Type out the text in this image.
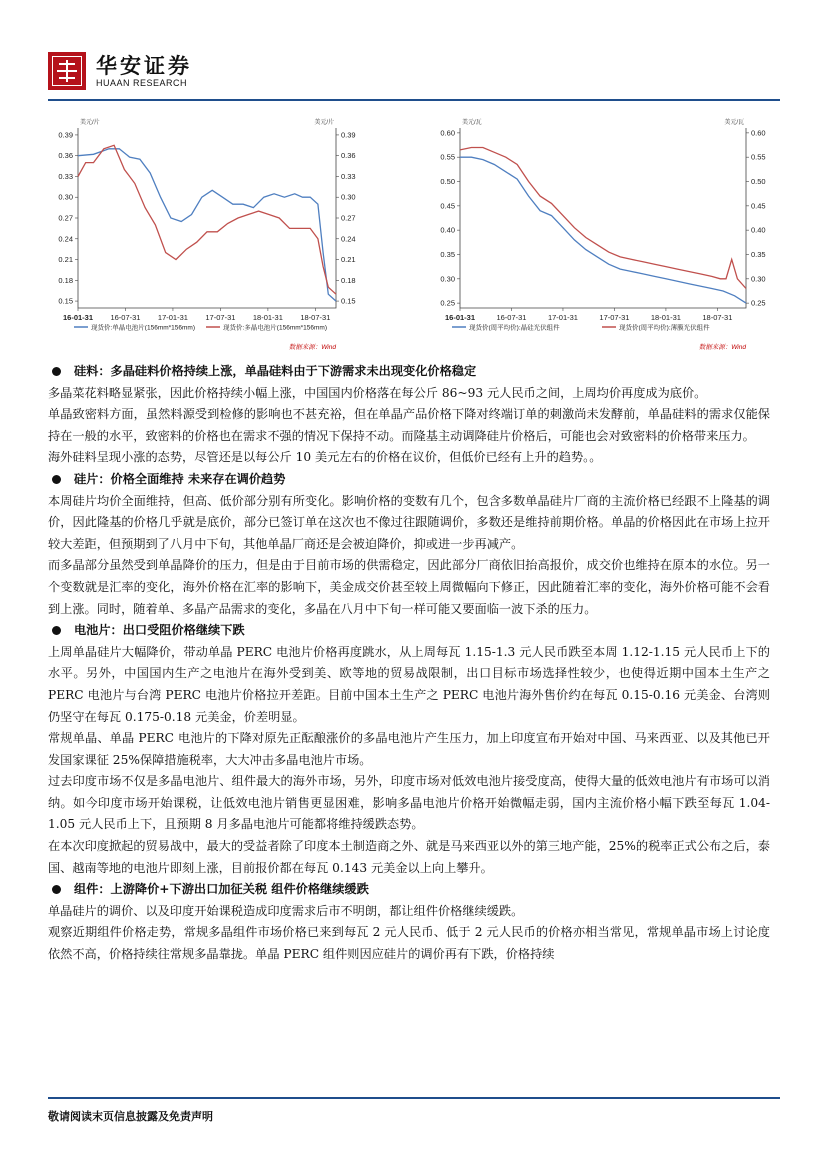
华安证券
HUAAN RESEARCH
美元/片	美元/片
0.39	0.39
0.36	0.36
0.33	0.33
0.30	0.30
0.27	0.27
0.24	0.24
0.21	0.21
0.18	0.18
0.15	0.15
16-01-31 16-07-31 17-01-31 17-07-31 18-01-31 18-07-31
现货价:单晶电池片(156mm*156mm)	现货价:多晶电池片(156mm*156mm)
数据来源：Wind
美元/瓦	美元/瓦
0.60	0.60
0.55	0.55
0.50	0.50
0.45	0.45
0.40	0.40
0.35	0.35
0.30	0.30
0.25	0.25
16-01-31	16-07-31	17-01-31	17-07-31	18-01-31	18-07-31
现货价(周平均价):晶硅光伏组件	现货价(周平均价):薄膜光伏组件
数据来源：Wind

硅料：多晶硅料价格持续上涨，单晶硅料由于下游需求未出现变化价格稳定

多晶菜花料略显紧张，因此价格持续小幅上涨，中国国内价格落在每公斤 86~93 元人民币之间，上周均价再度成为底价。

单晶致密料方面，虽然料源受到检修的影响也不甚充裕，但在单晶产品价格下降对终端订单的刺激尚未发酵前，单晶硅料的需求仅能保持在一般的水平，致密料的价格也在需求不强的情况下保持不动。而隆基主动调降硅片价格后，可能也会对致密料的价格带来压力。

海外硅料呈现小涨的态势，尽管还是以每公斤 10 美元左右的价格在议价，但低价已经有上升的趋势。。

硅片：价格全面维持 未来存在调价趋势

本周硅片均价全面维持，但高、低价部分别有所变化。影响价格的变数有几个，包含多数单晶硅片厂商的主流价格已经跟不上隆基的调价，因此隆基的价格几乎就是底价，部分已签订单在这次也不像过往跟随调价，多数还是维持前期价格。单晶的价格因此在市场上拉开较大差距，但预期到了八月中下旬，其他单晶厂商还是会被迫降价，抑或进一步再减产。

而多晶部分虽然受到单晶降价的压力，但是由于目前市场的供需稳定，因此部分厂商依旧抬高报价，成交价也维持在原本的水位。另一个变数就是汇率的变化，海外价格在汇率的影响下，美金成交价甚至较上周微幅向下修正，因此随着汇率的变化，海外价格可能不会看到上涨。同时，随着单、多晶产品需求的变化，多晶在八月中下旬一样可能又要面临一波下杀的压力。

电池片：出口受阻价格继续下跌

上周单晶硅片大幅降价，带动单晶 PERC 电池片价格再度跳水，从上周每瓦 1.15-1.3 元人民币跌至本周 1.12-1.15 元人民币上下的水平。另外，中国国内生产之电池片在海外受到美、欧等地的贸易战限制，出口目标市场选择性较少，也使得近期中国本土生产之 PERC 电池片与台湾 PERC 电池片价格拉开差距。目前中国本土生产之 PERC 电池片海外售价约在每瓦 0.15-0.16 元美金、台湾则仍坚守在每瓦 0.175-0.18 元美金，价差明显。

常规单晶、单晶 PERC 电池片的下降对原先正酝酿涨价的多晶电池片产生压力，加上印度宣布开始对中国、马来西亚、以及其他已开发国家课征 25%保障措施税率，大大冲击多晶电池片市场。

过去印度市场不仅是多晶电池片、组件最大的海外市场，另外，印度市场对低效电池片接受度高，使得大量的低效电池片有市场可以消纳。如今印度市场开始课税，让低效电池片销售更显困难，影响多晶电池片价格开始微幅走弱，国内主流价格小幅下跌至每瓦 1.04-1.05 元人民币上下，且预期 8 月多晶电池片可能都将维持缓跌态势。

在本次印度掀起的贸易战中，最大的受益者除了印度本土制造商之外、就是马来西亚以外的第三地产能，25%的税率正式公布之后，泰国、越南等地的电池片即刻上涨，目前报价都在每瓦 0.143 元美金以上向上攀升。

组件：上游降价+下游出口加征关税 组件价格继续缓跌

单晶硅片的调价、以及印度开始课税造成印度需求后市不明朗，都让组件价格继续缓跌。

观察近期组件价格走势，常规多晶组件市场价格已来到每瓦 2 元人民币、低于 2 元人民币的价格亦相当常见，常规单晶市场上讨论度依然不高，价格持续往常规多晶靠拢。单晶 PERC 组件则因应硅片的调价再有下跌，价格持续

敬请阅读末页信息披露及免责声明
